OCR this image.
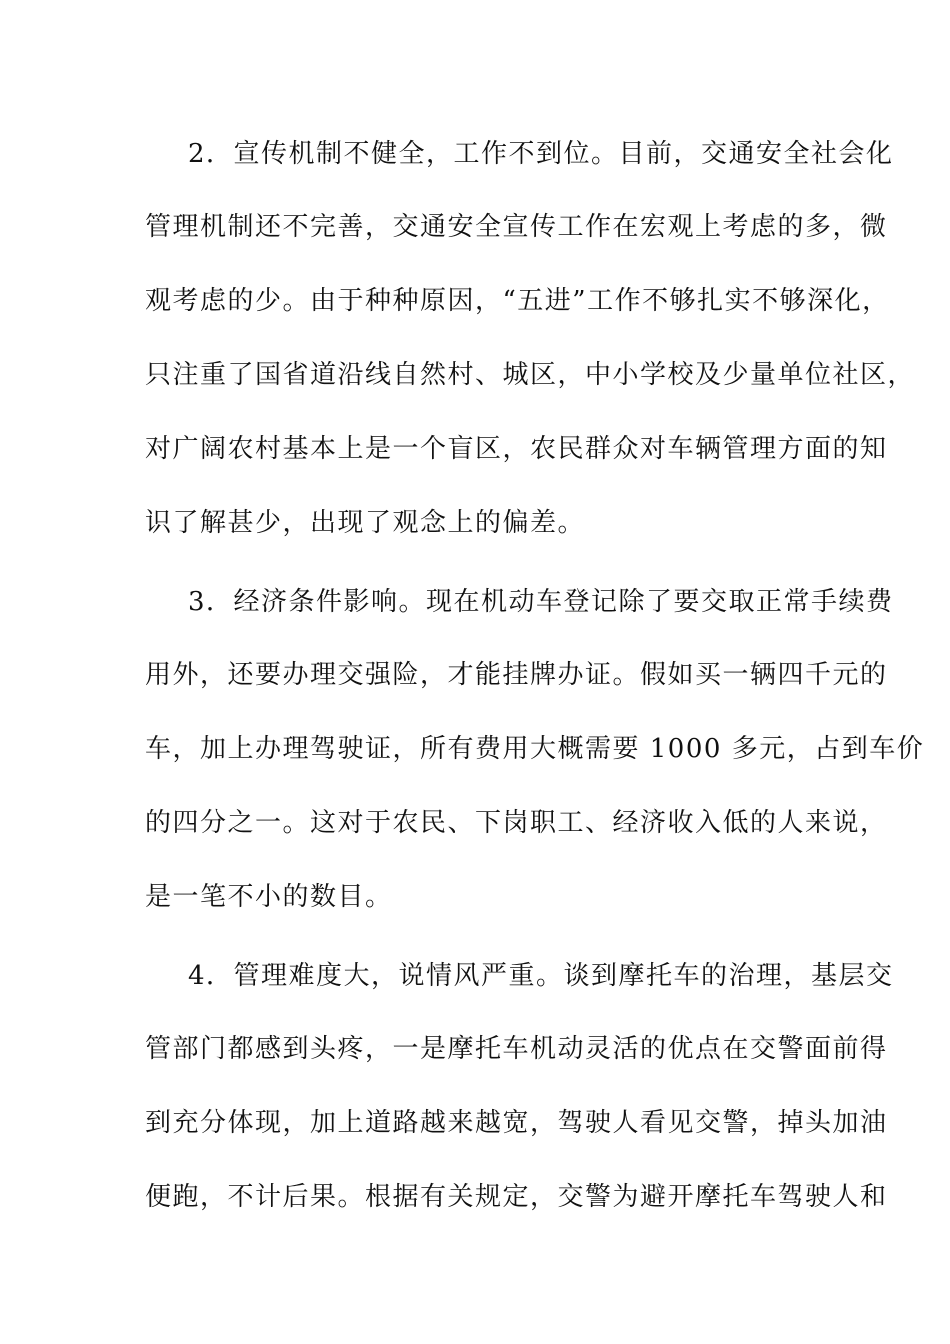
2．宣传机制不健全，工作不到位。目前，交通安全社会化
管理机制还不完善，交通安全宣传工作在宏观上考虑的多，微
观考虑的少。由于种种原因，“五进”工作不够扎实不够深化，
只注重了国省道沿线自然村、城区，中小学校及少量单位社区，
对广阔农村基本上是一个盲区，农民群众对车辆管理方面的知
识了解甚少，出现了观念上的偏差。
3．经济条件影响。现在机动车登记除了要交取正常手续费
用外，还要办理交强险，才能挂牌办证。假如买一辆四千元的
车，加上办理驾驶证，所有费用大概需要 1000 多元，占到车价
的四分之一。这对于农民、下岗职工、经济收入低的人来说，
是一笔不小的数目。
4．管理难度大，说情风严重。谈到摩托车的治理，基层交
管部门都感到头疼，一是摩托车机动灵活的优点在交警面前得
到充分体现，加上道路越来越宽，驾驶人看见交警，掉头加油
便跑，不计后果。根据有关规定，交警为避开摩托车驾驶人和
